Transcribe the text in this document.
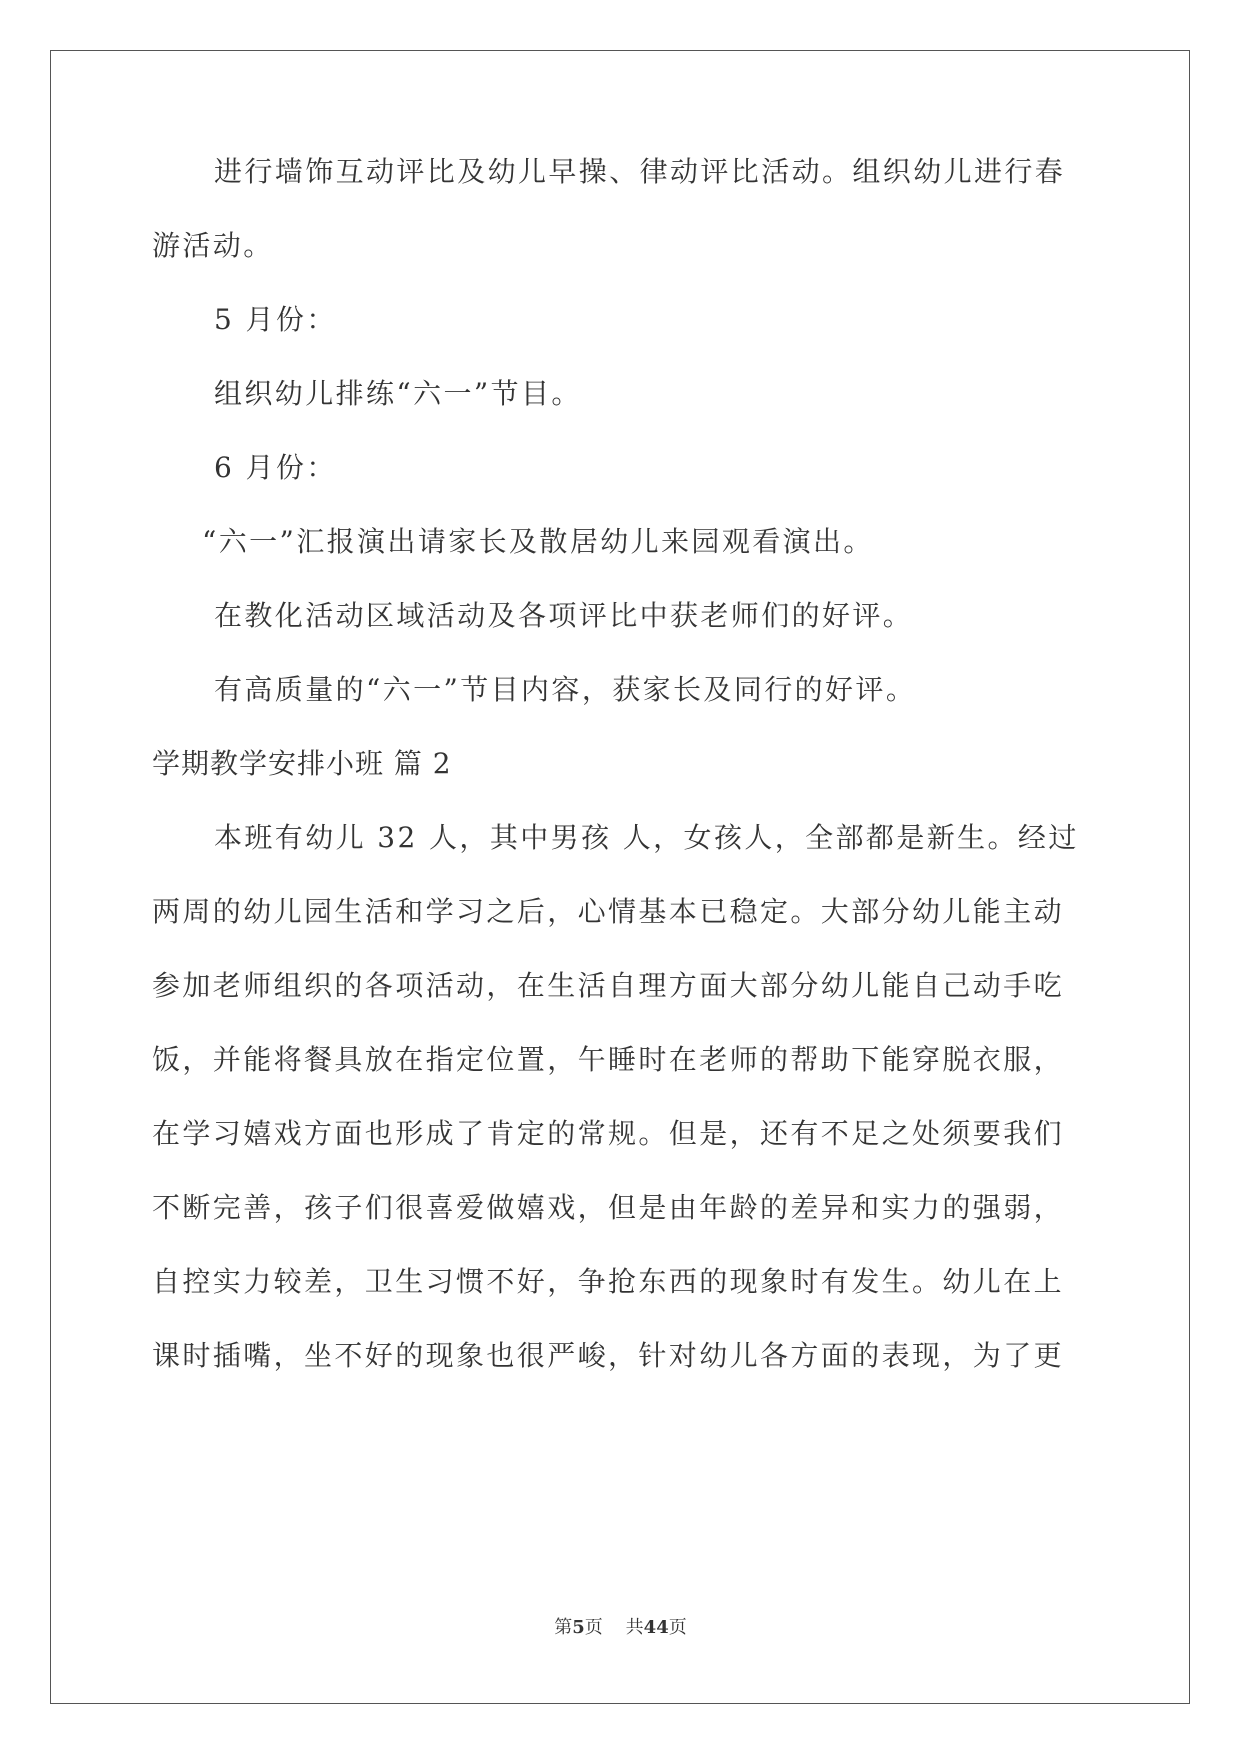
进行墙饰互动评比及幼儿早操、律动评比活动。组织幼儿进行春
游活动。
5 月份：
组织幼儿排练“六一”节目。
6 月份：
“六一”汇报演出请家长及散居幼儿来园观看演出。
在教化活动区域活动及各项评比中获老师们的好评。
有高质量的“六一”节目内容，获家长及同行的好评。
学期教学安排小班 篇 2
本班有幼儿 32 人，其中男孩 人，女孩人，全部都是新生。经过
两周的幼儿园生活和学习之后，心情基本已稳定。大部分幼儿能主动
参加老师组织的各项活动，在生活自理方面大部分幼儿能自己动手吃
饭，并能将餐具放在指定位置，午睡时在老师的帮助下能穿脱衣服，
在学习嬉戏方面也形成了肯定的常规。但是，还有不足之处须要我们
不断完善，孩子们很喜爱做嬉戏，但是由年龄的差异和实力的强弱，
自控实力较差，卫生习惯不好，争抢东西的现象时有发生。幼儿在上
课时插嘴，坐不好的现象也很严峻，针对幼儿各方面的表现，为了更
第5页 共44页
